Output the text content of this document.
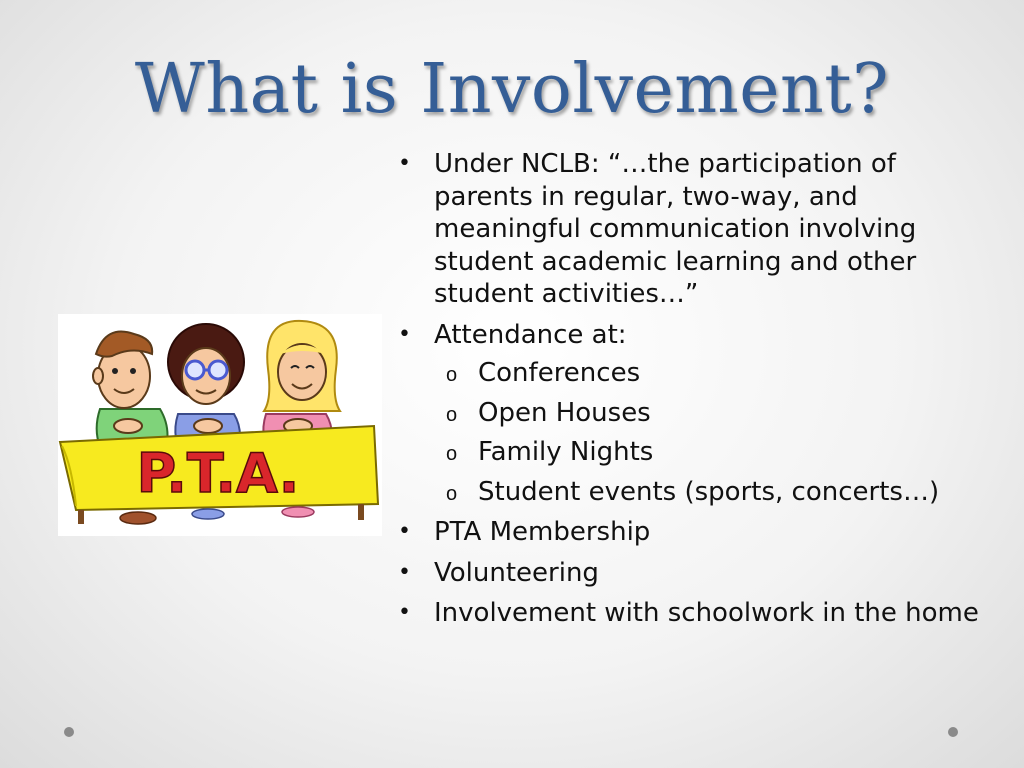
What is Involvement?
P.T.A.
• Under NCLB: “…the participation of parents in regular, two-way, and meaningful communication involving student academic learning and other student activities…”
• Attendance at:
o Conferences
o Open Houses
o Family Nights
o Student events (sports, concerts…)
• PTA Membership
• Volunteering
• Involvement with schoolwork in the home
